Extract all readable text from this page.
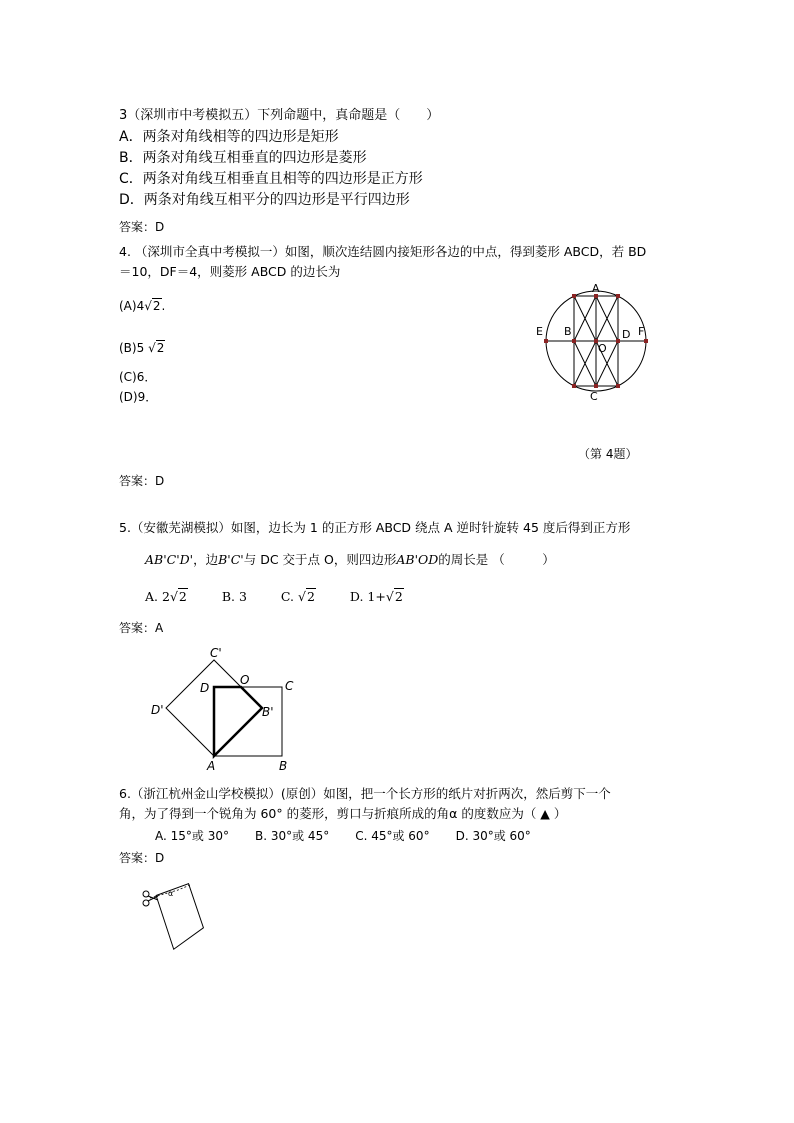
3（深圳市中考模拟五）下列命题中，真命题是（　　）
A．两条对角线相等的四边形是矩形
B．两条对角线互相垂直的四边形是菱形
C．两条对角线互相垂直且相等的四边形是正方形
D．两条对角线互相平分的四边形是平行四边形
答案：D
4. （深圳市全真中考模拟一）如图，顺次连结圆内接矩形各边的中点，得到菱形 ABCD，若 BD
＝10，DF＝4，则菱形 ABCD 的边长为
(A)4√2.
(B)5 √2
(C)6．
(D)9．
A
B
C
D
E	F
O
（第 4题）
答案：D
5.（安徽芜湖模拟）如图，边长为 1 的正方形 ABCD 绕点 A 逆时针旋转 45 度后得到正方形
AB'C'D'，边B'C'与 DC 交于点 O，则四边形AB'OD的周长是 （　　　）
A. 2√2	B. 3	C. √2	D. 1+√2
答案：A
C'
D
O	C
D'	B'
A	B
6.（浙江杭州金山学校模拟）(原创）如图，把一个长方形的纸片对折两次，然后剪下一个
角，为了得到一个锐角为 60° 的菱形，剪口与折痕所成的角α 的度数应为（ ▲ ）
A. 15°或 30° B. 30°或 45° C. 45°或 60° D. 30°或 60°
答案：D
α
